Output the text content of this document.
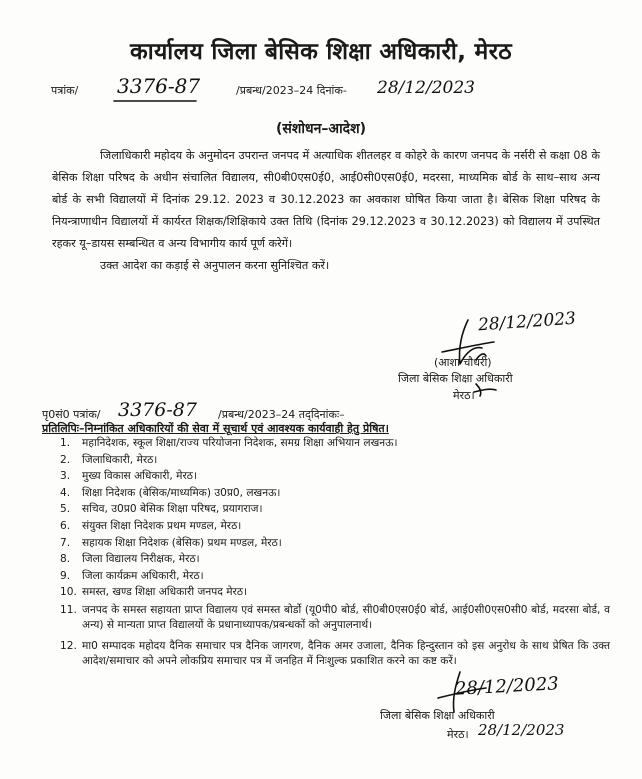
कार्यालय जिला बेसिक शिक्षा अधिकारी, मेरठ
पत्रांक/ 3376-87	/प्रबन्ध/2023–24 दिनांक- 28/12/2023
(संशोधन–आदेश)
जिलाधिकारी महोदय के अनुमोदन उपरान्त जनपद में अत्याधिक शीतलहर व कोहरे के कारण जनपद के नर्सरी से कक्षा 08 के बेसिक शिक्षा परिषद के अधीन संचालित विद्यालय, सी0बी0एस0ई0, आई0सी0एस0ई0, मदरसा, माध्यमिक बोर्ड के साथ–साथ अन्य बोर्ड के सभी विद्यालयों में दिनांक 29.12. 2023 व 30.12.2023 का अवकाश घोषित किया जाता है। बेसिक शिक्षा परिषद के नियन्त्राणाधीन विद्यालयों में कार्यरत शिक्षक/शिक्षिकाये उक्त तिथि (दिनांक 29.12.2023 व 30.12.2023) को विद्यालय में उपस्थित रहकर यू–डायस सम्बन्धित व अन्य विभागीय कार्य पूर्ण करेगें।
उक्त आदेश का कड़ाई से अनुपालन करना सुनिश्चित करें।
28/12/2023
(आशा चौधरी)
जिला बेसिक शिक्षा अधिकारी
मेरठ।
पृ0सं0 पत्रांक/ 3376-87 /प्रबन्ध/2023–24 तद्‌दिनांकः–
प्रतिलिपिः–निम्नांकित अधिकारियों की सेवा में सूचार्थ एवं आवश्यक कार्यवाही हेतु प्रेषित।
1. महानिदेशक, स्कूल शिक्षा/राज्य परियोजना निदेशक, समग्र शिक्षा अभियान लखनऊ।
2. जिलाधिकारी, मेरठ।
3. मुख्य विकास अधिकारी, मेरठ।
4. शिक्षा निदेशक (बेसिक/माध्यमिक) उ0प्र0, लखनऊ।
5. सचिव, उ0प्र0 बेसिक शिक्षा परिषद, प्रयागराज।
6. संयुक्त शिक्षा निदेशक प्रथम मण्डल, मेरठ।
7. सहायक शिक्षा निदेशक (बेसिक) प्रथम मण्डल, मेरठ।
8. जिला विद्यालय निरीक्षक, मेरठ।
9. जिला कार्यक्रम अधिकारी, मेरठ।
10. समस्त, खण्ड शिक्षा अधिकारी जनपद मेरठ।
11. जनपद के समस्त सहायता प्राप्त विद्यालय एवं समस्त बोर्डो (यू0पी0 बोर्ड, सी0बी0एस0ई0 बोर्ड, आई0सी0एस0सी0 बोर्ड, मदरसा बोर्ड, व अन्य) से मान्यता प्राप्त विद्यालयों के प्रधानाध्यापक/प्रबन्धकों को अनुपालनार्थ।
12. मा0 सम्पादक महोदय दैनिक समाचार पत्र दैनिक जागरण, दैनिक अमर उजाला, दैनिक हिन्दुस्तान को इस अनुरोध के साथ प्रेषित कि उक्त आदेश/समाचार को अपने लोकप्रिय समाचार पत्र में जनहित में निःशुल्क प्रकाशित करने का कष्ट करें।
28/12/2023
जिला बेसिक शिक्षा अधिकारी
मेरठ। 28/12/2023
